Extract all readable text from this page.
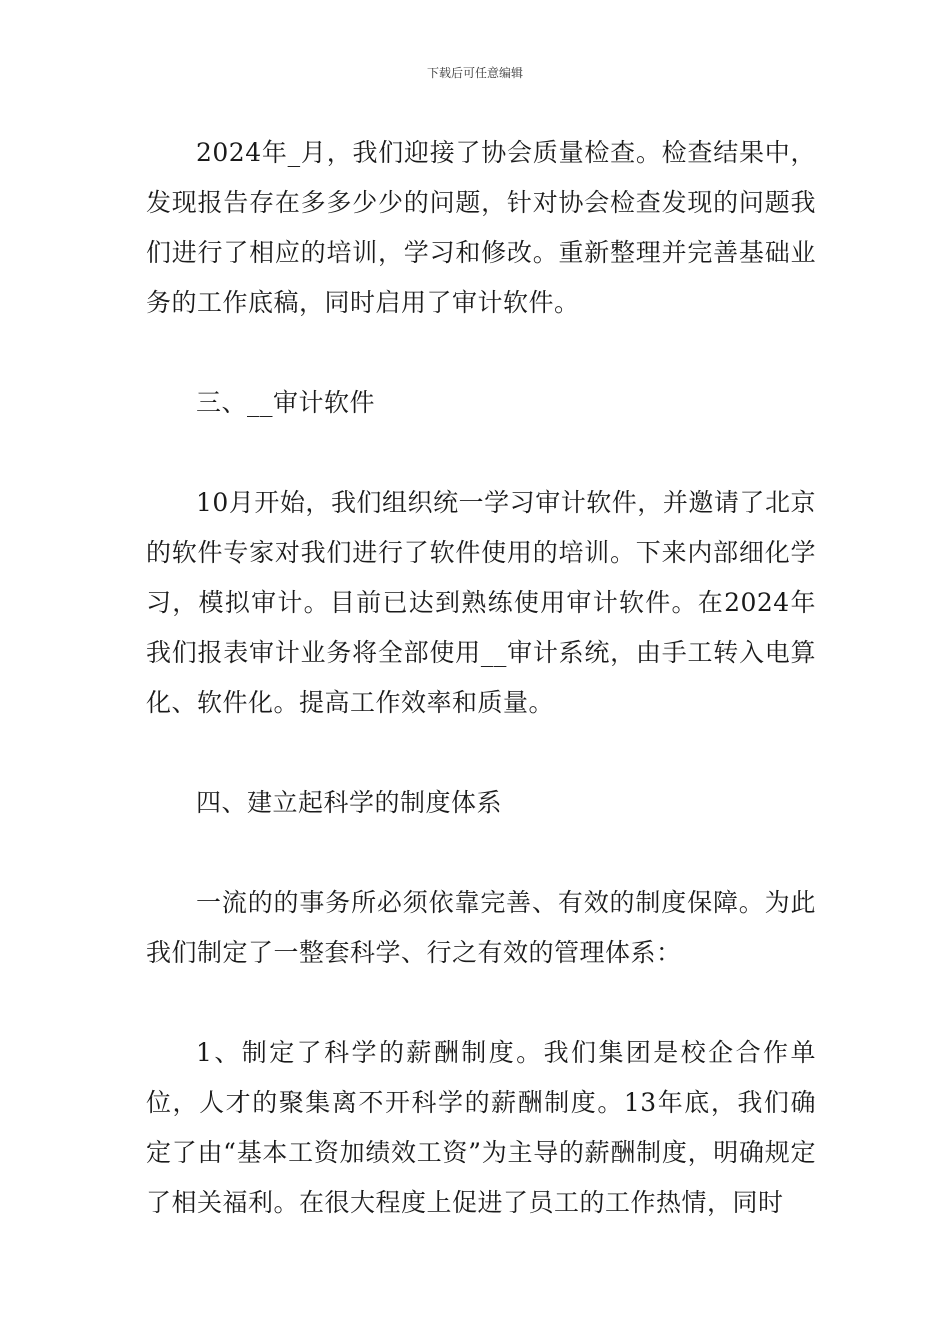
下载后可任意编辑

2024年_月，我们迎接了协会质量检查。检查结果中，发现报告存在多多少少的问题，针对协会检查发现的问题我们进行了相应的培训，学习和修改。重新整理并完善基础业务的工作底稿，同时启用了审计软件。

三、__审计软件

10月开始，我们组织统一学习审计软件，并邀请了北京的软件专家对我们进行了软件使用的培训。下来内部细化学习，模拟审计。目前已达到熟练使用审计软件。在2024年我们报表审计业务将全部使用__审计系统，由手工转入电算化、软件化。提高工作效率和质量。

四、建立起科学的制度体系

一流的的事务所必须依靠完善、有效的制度保障。为此我们制定了一整套科学、行之有效的管理体系：

1、制定了科学的薪酬制度。我们集团是校企合作单位，人才的聚集离不开科学的薪酬制度。13年底，我们确定了由“基本工资加绩效工资”为主导的薪酬制度，明确规定了相关福利。在很大程度上促进了员工的工作热情，同时
